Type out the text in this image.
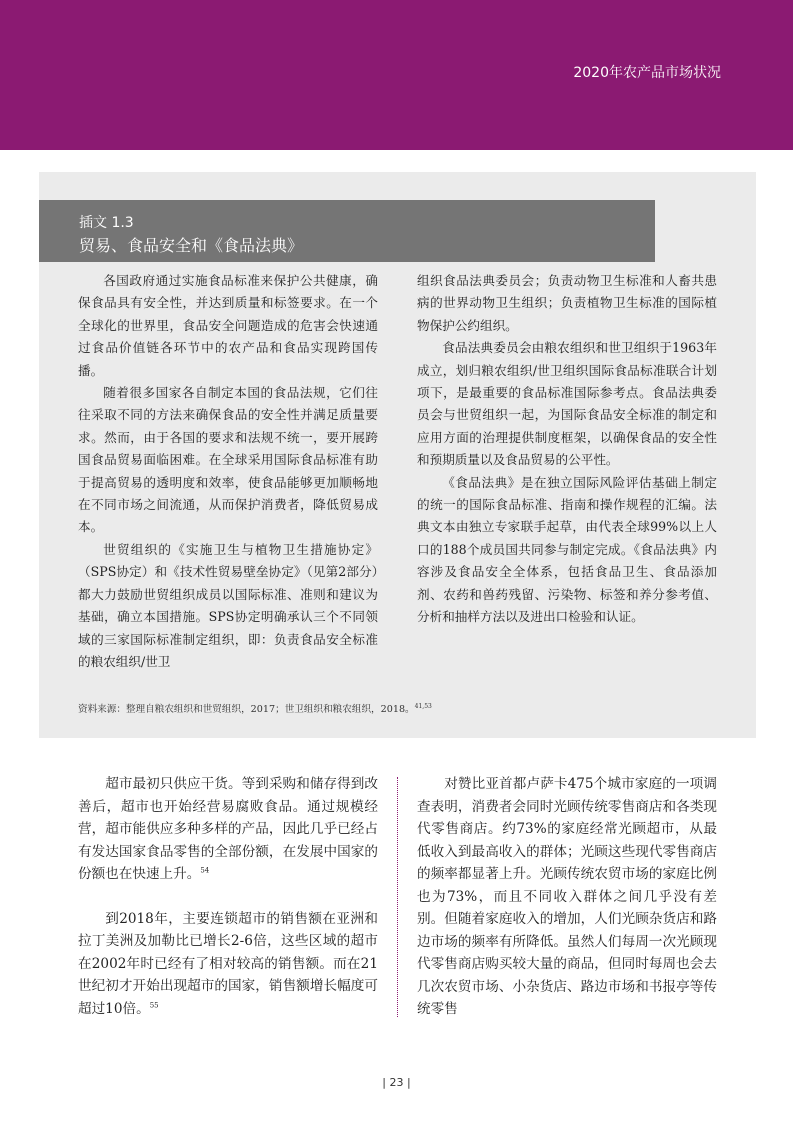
2020年农产品市场状况
插文 1.3
贸易、食品安全和《食品法典》

各国政府通过实施食品标准来保护公共健康，确保食品具有安全性，并达到质量和标签要求。在一个全球化的世界里，食品安全问题造成的危害会快速通过食品价值链各环节中的农产品和食品实现跨国传播。

随着很多国家各自制定本国的食品法规，它们往往采取不同的方法来确保食品的安全性并满足质量要求。然而，由于各国的要求和法规不统一，要开展跨国食品贸易面临困难。在全球采用国际食品标准有助于提高贸易的透明度和效率，使食品能够更加顺畅地在不同市场之间流通，从而保护消费者，降低贸易成本。

世贸组织的《实施卫生与植物卫生措施协定》（SPS协定）和《技术性贸易壁垒协定》（见第2部分）都大力鼓励世贸组织成员以国际标准、准则和建议为基础，确立本国措施。SPS协定明确承认三个不同领域的三家国际标准制定组织，即：负责食品安全标准的粮农组织/世卫

组织食品法典委员会；负责动物卫生标准和人畜共患病的世界动物卫生组织；负责植物卫生标准的国际植物保护公约组织。

食品法典委员会由粮农组织和世卫组织于1963年成立，划归粮农组织/世卫组织国际食品标准联合计划项下，是最重要的食品标准国际参考点。食品法典委员会与世贸组织一起，为国际食品安全标准的制定和应用方面的治理提供制度框架，以确保食品的安全性和预期质量以及食品贸易的公平性。

《食品法典》是在独立国际风险评估基础上制定的统一的国际食品标准、指南和操作规程的汇编。法典文本由独立专家联手起草，由代表全球99%以上人口的188个成员国共同参与制定完成。《食品法典》内容涉及食品安全全体系，包括食品卫生、食品添加剂、农药和兽药残留、污染物、标签和养分参考值、分析和抽样方法以及进出口检验和认证。

资料来源：整理自粮农组织和世贸组织，2017；世卫组织和粮农组织，2018。$^{41,53}$

超市最初只供应干货。等到采购和储存得到改善后，超市也开始经营易腐败食品。通过规模经营，超市能供应多种多样的产品，因此几乎已经占有发达国家食品零售的全部份额，在发展中国家的份额也在快速上升。$^{54}$

到2018年，主要连锁超市的销售额在亚洲和拉丁美洲及加勒比已增长2-6倍，这些区域的超市在2002年时已经有了相对较高的销售额。而在21世纪初才开始出现超市的国家，销售额增长幅度可超过10倍。$^{55}$

对赞比亚首都卢萨卡475个城市家庭的一项调查表明，消费者会同时光顾传统零售商店和各类现代零售商店。约73%的家庭经常光顾超市，从最低收入到最高收入的群体；光顾这些现代零售商店的频率都显著上升。光顾传统农贸市场的家庭比例也为73%，而且不同收入群体之间几乎没有差别。但随着家庭收入的增加，人们光顾杂货店和路边市场的频率有所降低。虽然人们每周一次光顾现代零售商店购买较大量的商品，但同时每周也会去几次农贸市场、小杂货店、路边市场和书报亭等传统零售

| 23 |
